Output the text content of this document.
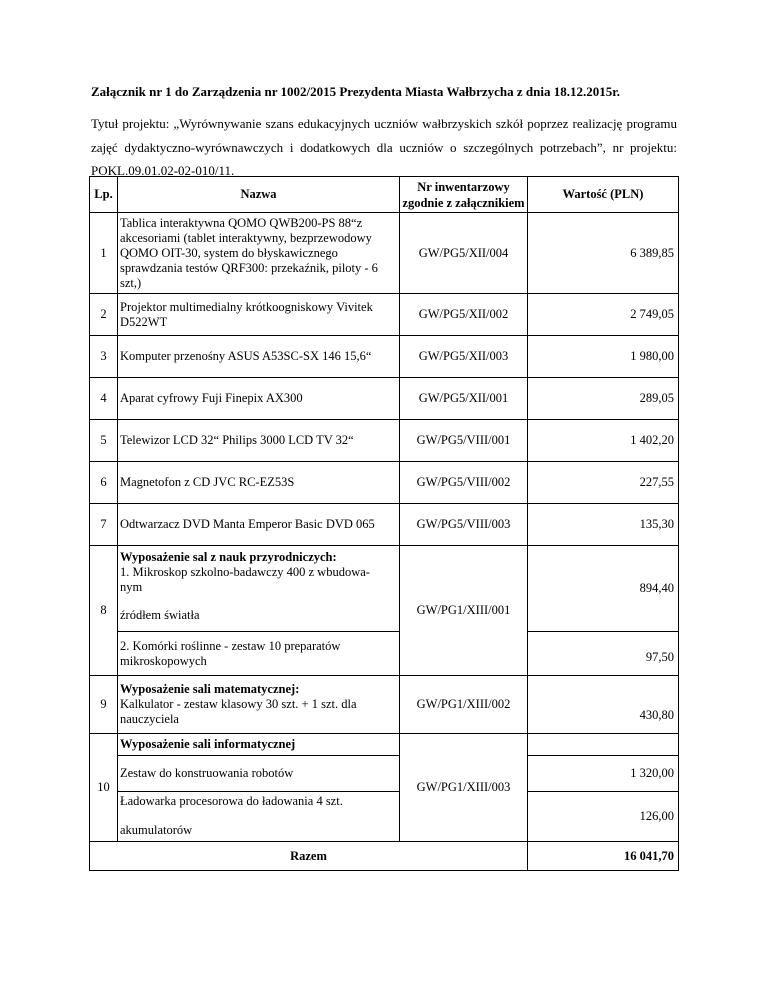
Załącznik nr 1 do Zarządzenia nr 1002/2015 Prezydenta Miasta Wałbrzycha z dnia 18.12.2015r.
Tytuł projektu: „Wyrównywanie szans edukacyjnych uczniów wałbrzyskich szkół poprzez realizację programu
zajęć dydaktyczno-wyrównawczych i dodatkowych dla uczniów o szczególnych potrzebach”, nr projektu:
POKL.09.01.02-02-010/11.
Lp.	Nazwa	Nr inwentarzowy
zgodnie z załącznikiem	Wartość (PLN)
1	Tablica interaktywna QOMO QWB200-PS 88“z akcesoriami (tablet interaktywny, bezprzewodowy QOMO OIT-30, system do błyskawicznego sprawdzania testów QRF300: przekaźnik, piloty - 6 szt,)	GW/PG5/XII/004	6 389,85
2	Projektor multimedialny krótkoogniskowy Vivitek D522WT	GW/PG5/XII/002	2 749,05
3	Komputer przenośny ASUS A53SC-SX 146 15,6“	GW/PG5/XII/003	1 980,00
4	Aparat cyfrowy Fuji Finepix AX300	GW/PG5/XII/001	289,05
5	Telewizor LCD 32“ Philips 3000 LCD TV 32“	GW/PG5/VIII/001	1 402,20
6	Magnetofon z CD JVC RC-EZ53S	GW/PG5/VIII/002	227,55
7	Odtwarzacz DVD Manta Emperor Basic DVD 065	GW/PG5/VIII/003	135,30
8	Wyposażenie sal z nauk przyrodniczych:
1. Mikroskop szkolno-badawczy 400 z wbudowa-
nym
źródłem światła	GW/PG1/XIII/001	894,40
	2. Komórki roślinne - zestaw 10 preparatów mikroskopowych		97,50
9	Wyposażenie sali matematycznej:
Kalkulator - zestaw klasowy 30 szt. + 1 szt. dla nauczyciela	GW/PG1/XIII/002	430,80
10	Wyposażenie sali informatycznej	GW/PG1/XIII/003	
	Zestaw do konstruowania robotów		1 320,00

	Ładowarka procesorowa do ładowania 4 szt.
akumulatorów		126,00
Razem			16 041,70
